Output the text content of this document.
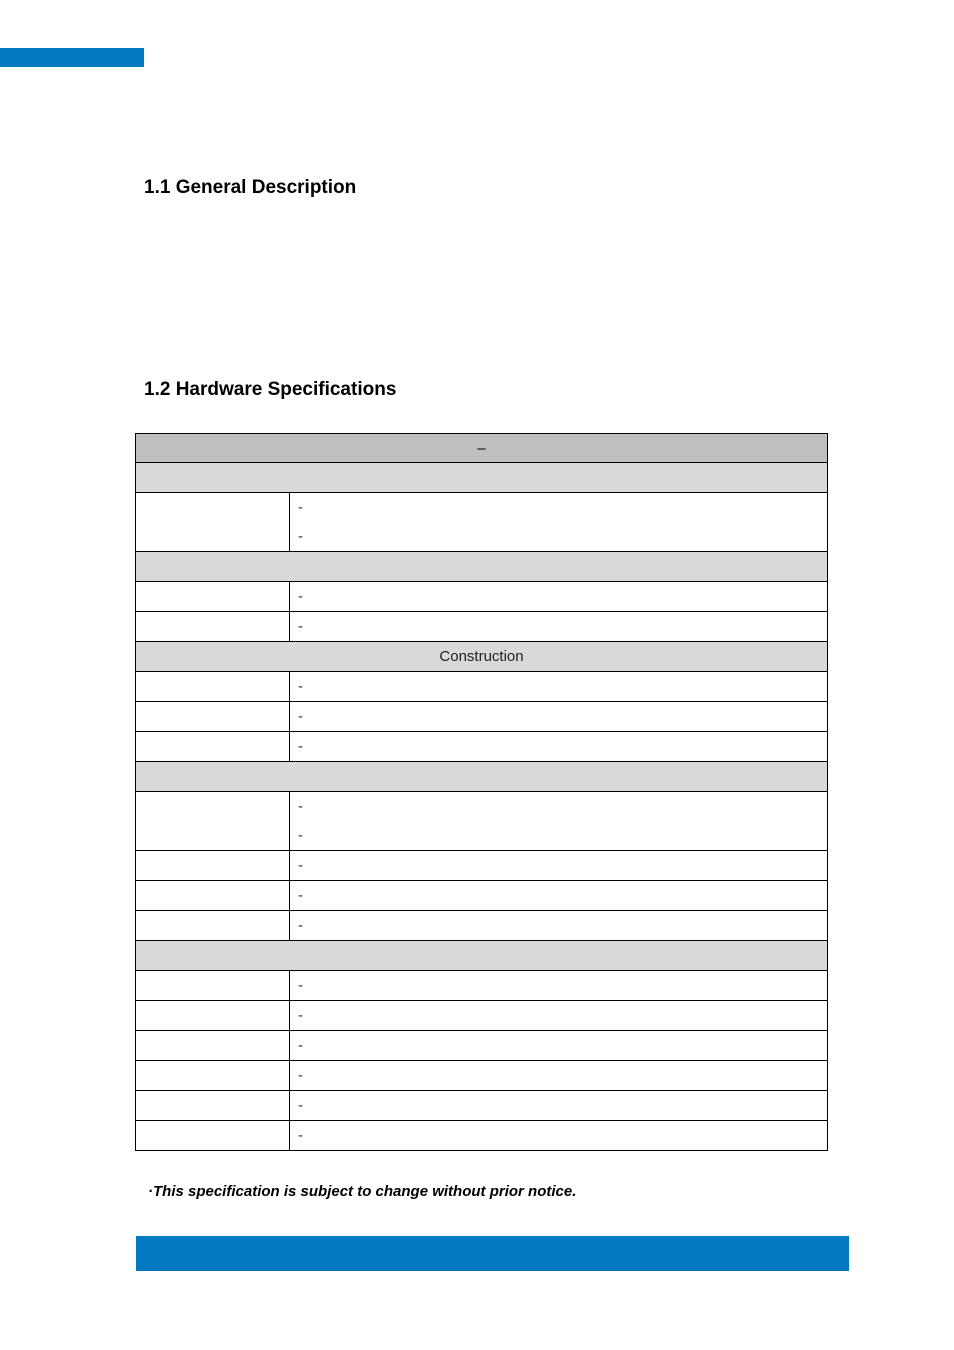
1.1 General Description
1.2 Hardware Specifications
–	

	-
-

	-

	-

Construction	

	-

	-

	-

	-
-

	-

	-

	-

	-

	-

	-

	-

	-

	-

·This specification is subject to change without prior notice.
